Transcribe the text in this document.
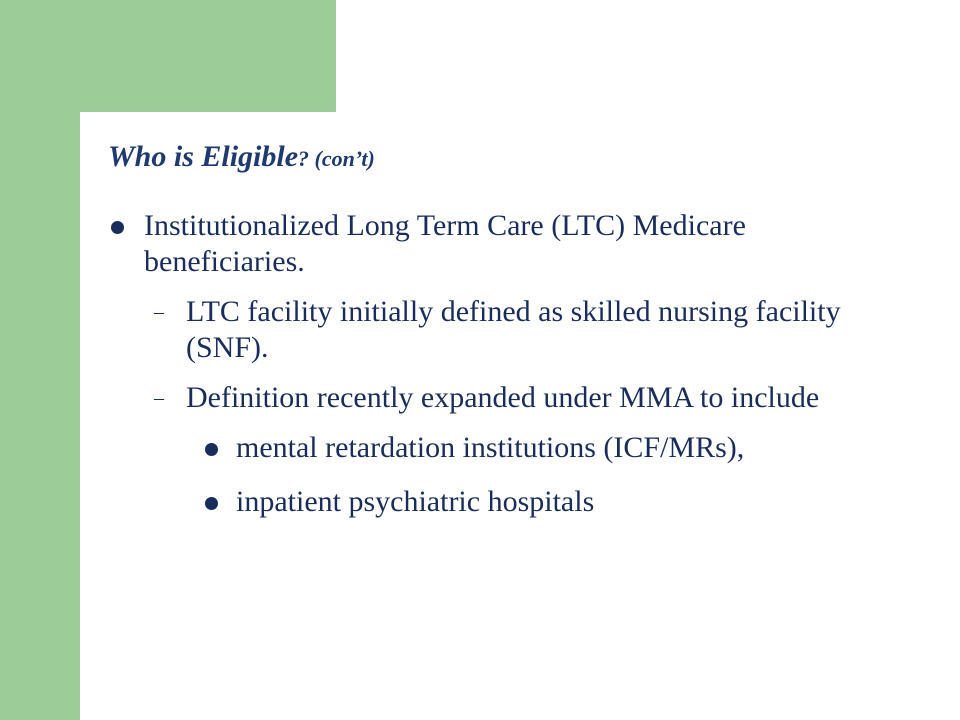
Who is Eligible? (con’t)
Institutionalized Long Term Care (LTC) Medicare beneficiaries.
– LTC facility initially defined as skilled nursing facility (SNF).
– Definition recently expanded under MMA to include
mental retardation institutions (ICF/MRs),
inpatient psychiatric hospitals
